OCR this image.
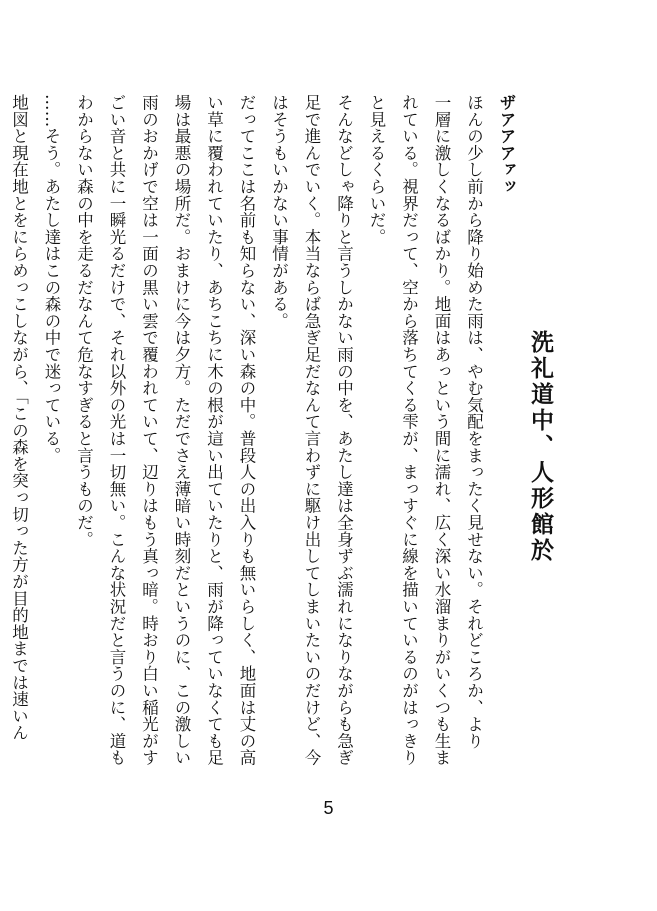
洗礼道中、人形館於

ザアアアァッ

ほんの少し前から降り始めた雨は、やむ気配をまったく見せない。それどころか、より

一層に激しくなるばかり。地面はあっという間に濡れ、広く深い水溜まりがいくつも生ま

れている。視界だって、空から落ちてくる雫が、まっすぐに線を描いているのがはっきり

と見えるくらいだ。

そんなどしゃ降りと言うしかない雨の中を、あたし達は全身ずぶ濡れになりながらも急ぎ

足で進んでいく。本当ならば急ぎ足だなんて言わずに駆け出してしまいたいのだけど、今

はそうもいかない事情がある。

だってここは名前も知らない、深い森の中。普段人の出入りも無いらしく、地面は丈の高

い草に覆われていたり、あちこちに木の根が這い出ていたりと、雨が降っていなくても足

場は最悪の場所だ。おまけに今は夕方。ただでさえ薄暗い時刻だというのに、この激しい

雨のおかげで空は一面の黒い雲で覆われていて、辺りはもう真っ暗。時おり白い稲光がす

ごい音と共に一瞬光るだけで、それ以外の光は一切無い。こんな状況だと言うのに、道も

わからない森の中を走るだなんて危なすぎると言うものだ。

……そう。あたし達はこの森の中で迷っている。

地図と現在地とをにらめっこしながら、「この森を突っ切った方が目的地までは速いん

5
